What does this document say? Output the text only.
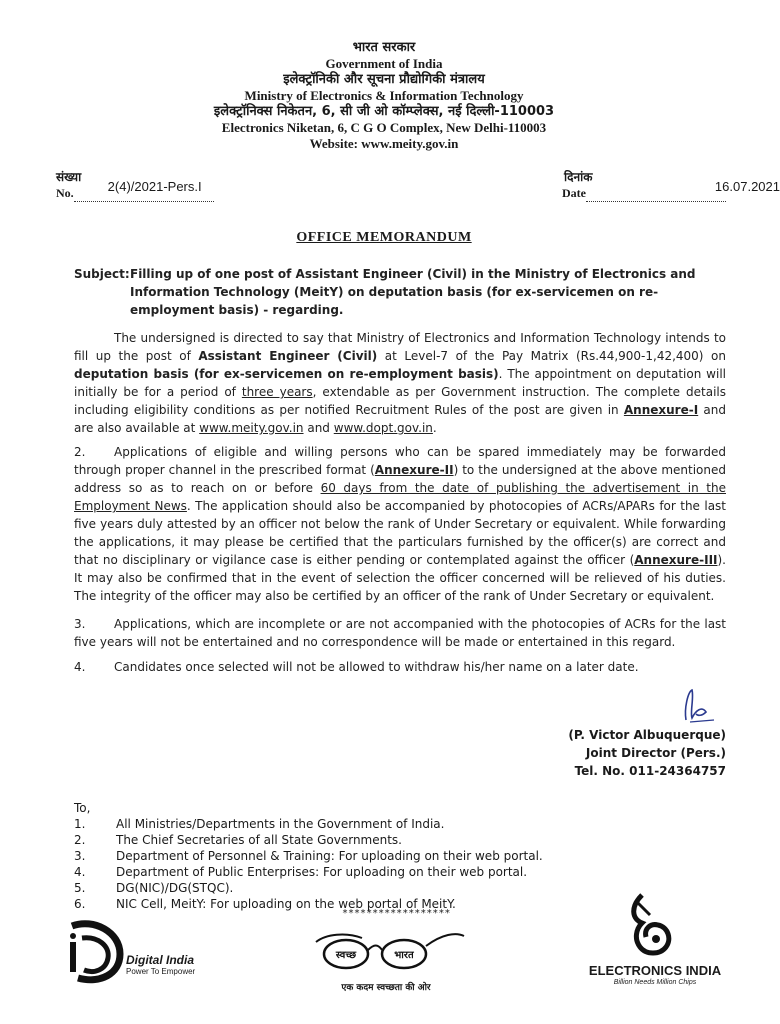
भारत सरकार
Government of India
इलेक्ट्रॉनिकी और सूचना प्रौद्योगिकी मंत्रालय
Ministry of Electronics & Information Technology
इलेक्ट्रॉनिक्स निकेतन, 6, सी जी ओ कॉम्प्लेक्स, नई दिल्ली-110003
Electronics Niketan, 6, C G O Complex, New Delhi-110003
Website: www.meity.gov.in
संख्या
No.	2(4)/2021-Pers.I
दिनांक
Date	16.07.2021
OFFICE MEMORANDUM
Subject: Filling up of one post of Assistant Engineer (Civil) in the Ministry of Electronics and Information Technology (MeitY) on deputation basis (for ex-servicemen on re-employment basis) - regarding.
The undersigned is directed to say that Ministry of Electronics and Information Technology intends to fill up the post of Assistant Engineer (Civil) at Level-7 of the Pay Matrix (Rs.44,900-1,42,400) on deputation basis (for ex-servicemen on re-employment basis). The appointment on deputation will initially be for a period of three years, extendable as per Government instruction. The complete details including eligibility conditions as per notified Recruitment Rules of the post are given in Annexure-I and are also available at www.meity.gov.in and www.dopt.gov.in.
2. Applications of eligible and willing persons who can be spared immediately may be forwarded through proper channel in the prescribed format (Annexure-II) to the undersigned at the above mentioned address so as to reach on or before 60 days from the date of publishing the advertisement in the Employment News. The application should also be accompanied by photocopies of ACRs/APARs for the last five years duly attested by an officer not below the rank of Under Secretary or equivalent. While forwarding the applications, it may please be certified that the particulars furnished by the officer(s) are correct and that no disciplinary or vigilance case is either pending or contemplated against the officer (Annexure-III). It may also be confirmed that in the event of selection the officer concerned will be relieved of his duties. The integrity of the officer may also be certified by an officer of the rank of Under Secretary or equivalent.
3. Applications, which are incomplete or are not accompanied with the photocopies of ACRs for the last five years will not be entertained and no correspondence will be made or entertained in this regard.
4. Candidates once selected will not be allowed to withdraw his/her name on a later date.
(P. Victor Albuquerque)
Joint Director (Pers.)
Tel. No. 011-24364757
To,
1.	All Ministries/Departments in the Government of India.
2.	The Chief Secretaries of all State Governments.
3.	Department of Personnel & Training: For uploading on their web portal.
4.	Department of Public Enterprises: For uploading on their web portal.
5.	DG(NIC)/DG(STQC).
6.	NIC Cell, MeitY: For uploading on the web portal of MeitY.
******************
Digital India
Power To Empower
स्वच्छ	भारत
एक कदम स्वच्छता की ओर
ELECTRONICS INDIA
Billion Needs Million Chips
